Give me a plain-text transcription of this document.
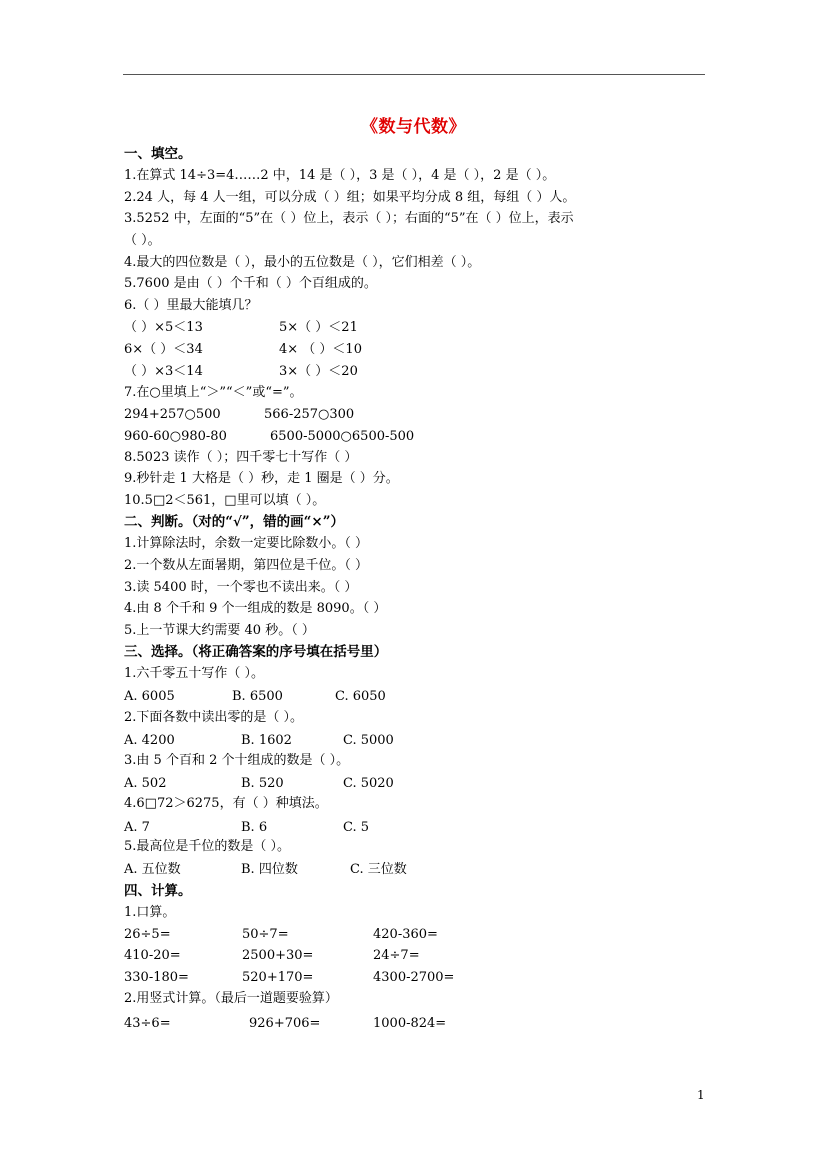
《数与代数》
一、填空。
1.在算式 14÷3=4……2 中，14 是（ ），3 是（ ），4 是（ ），2 是（ ）。
2.24 人，每 4 人一组，可以分成（ ）组；如果平均分成 8 组，每组（ ）人。
3.5252 中，左面的“5”在（ ）位上，表示（ ）；右面的“5”在（ ）位上，表示
（ ）。
4.最大的四位数是（ ），最小的五位数是（ ），它们相差（ ）。
5.7600 是由（ ）个千和（ ）个百组成的。
6.（ ）里最大能填几？
（ ）×5＜13	5×（ ）＜21
6×（ ）＜34	4× （ ）＜10
（ ）×3＜14	3×（ ）＜20
7.在○里填上“＞”“＜”或“=”。
294+257○500	566-257○300
960-60○980-80	6500-5000○6500-500
8.5023 读作（ ）；四千零七十写作（ ）
9.秒针走 1 大格是（ ）秒，走 1 圈是（ ）分。
10.5□2＜561，□里可以填（ ）。
二、判断。（对的“√”，错的画“×”）
1.计算除法时，余数一定要比除数小。（ ）
2.一个数从左面暑期，第四位是千位。（ ）
3.读 5400 时，一个零也不读出来。（ ）
4.由 8 个千和 9 个一组成的数是 8090。（ ）
5.上一节课大约需要 40 秒。（ ）
三、选择。（将正确答案的序号填在括号里）
1.六千零五十写作（ ）。
A. 6005	B. 6500	C. 6050
2.下面各数中读出零的是（ ）。
A. 4200	B. 1602	C. 5000
3.由 5 个百和 2 个十组成的数是（ ）。
A. 502	B. 520	C. 5020
4.6□72＞6275，有（ ）种填法。
A. 7	B. 6	C. 5
5.最高位是千位的数是（ ）。
A. 五位数	B. 四位数	C. 三位数
四、计算。
1.口算。
26÷5=	50÷7=	420-360=
410-20=	2500+30=	24÷7=
330-180=	520+170=	4300-2700=
2.用竖式计算。（最后一道题要验算）
43÷6=	926+706=	1000-824=
1
